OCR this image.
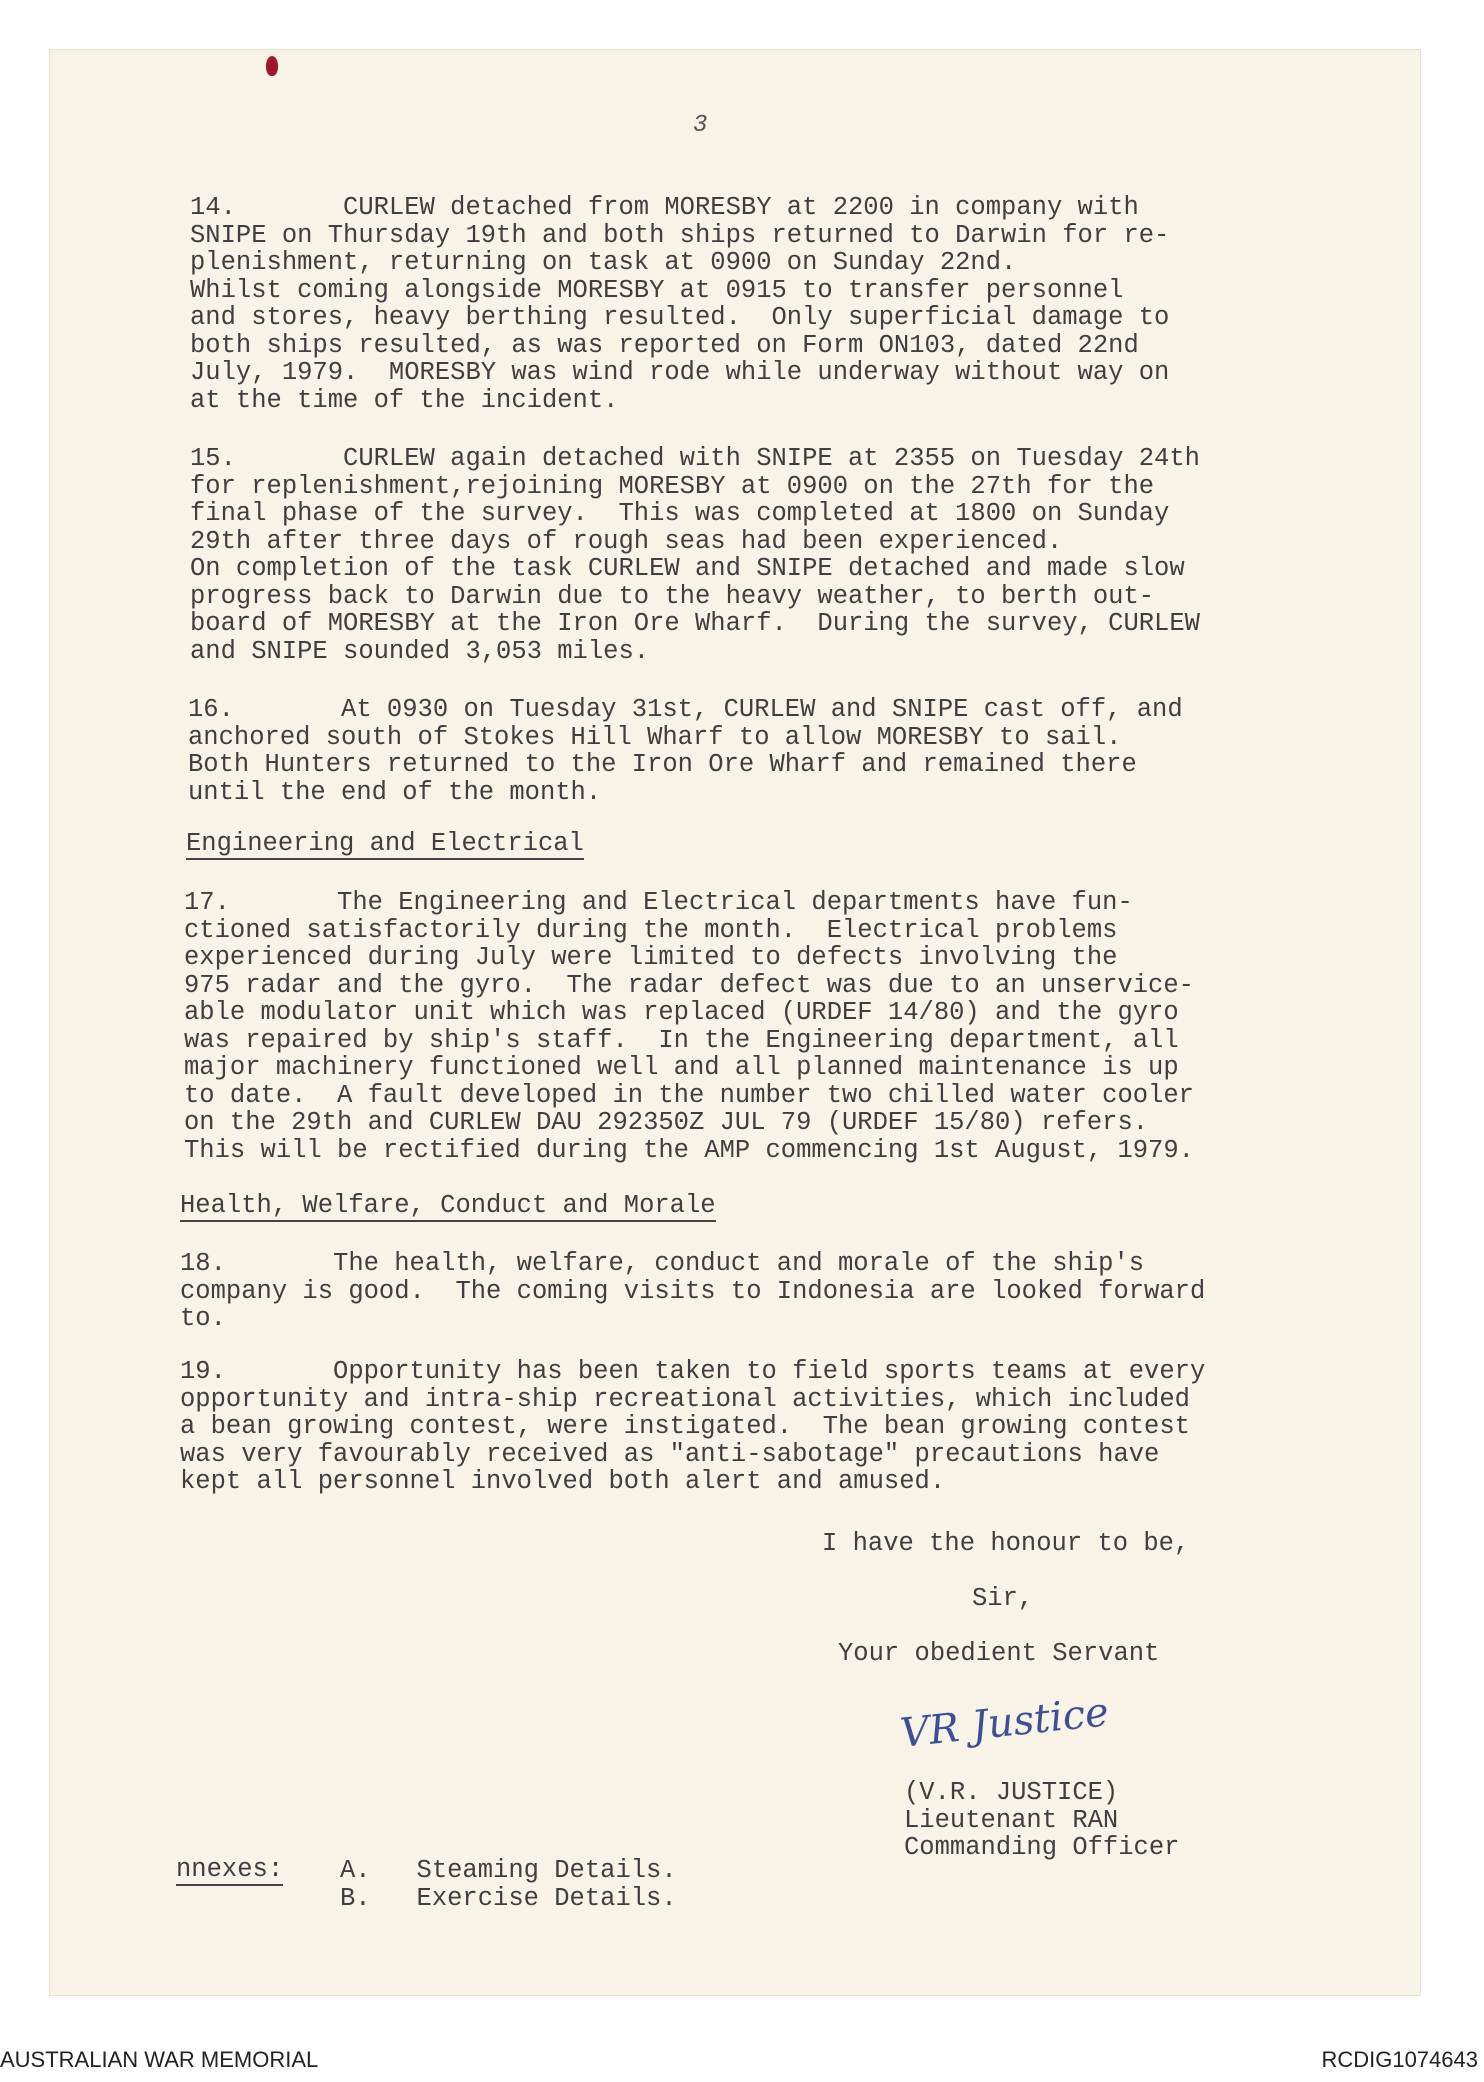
3
14.       CURLEW detached from MORESBY at 2200 in company with
SNIPE on Thursday 19th and both ships returned to Darwin for re-
plenishment, returning on task at 0900 on Sunday 22nd.
Whilst coming alongside MORESBY at 0915 to transfer personnel
and stores, heavy berthing resulted.  Only superficial damage to
both ships resulted, as was reported on Form ON103, dated 22nd
July, 1979.  MORESBY was wind rode while underway without way on
at the time of the incident.
15.       CURLEW again detached with SNIPE at 2355 on Tuesday 24th
for replenishment,rejoining MORESBY at 0900 on the 27th for the
final phase of the survey.  This was completed at 1800 on Sunday
29th after three days of rough seas had been experienced.
On completion of the task CURLEW and SNIPE detached and made slow
progress back to Darwin due to the heavy weather, to berth out-
board of MORESBY at the Iron Ore Wharf.  During the survey, CURLEW
and SNIPE sounded 3,053 miles.
16.       At 0930 on Tuesday 31st, CURLEW and SNIPE cast off, and
anchored south of Stokes Hill Wharf to allow MORESBY to sail.
Both Hunters returned to the Iron Ore Wharf and remained there
until the end of the month.
Engineering and Electrical
17.       The Engineering and Electrical departments have fun-
ctioned satisfactorily during the month.  Electrical problems
experienced during July were limited to defects involving the
975 radar and the gyro.  The radar defect was due to an unservice-
able modulator unit which was replaced (URDEF 14/80) and the gyro
was repaired by ship's staff.  In the Engineering department, all
major machinery functioned well and all planned maintenance is up
to date.  A fault developed in the number two chilled water cooler
on the 29th and CURLEW DAU 292350Z JUL 79 (URDEF 15/80) refers.
This will be rectified during the AMP commencing 1st August, 1979.
Health, Welfare, Conduct and Morale
18.       The health, welfare, conduct and morale of the ship's
company is good.  The coming visits to Indonesia are looked forward
to.
19.       Opportunity has been taken to field sports teams at every
opportunity and intra-ship recreational activities, which included
a bean growing contest, were instigated.  The bean growing contest
was very favourably received as "anti-sabotage" precautions have
kept all personnel involved both alert and amused.
I have the honour to be,
Sir,
Your obedient Servant
VR Justice
(V.R. JUSTICE)
Lieutenant RAN
Commanding Officer
nnexes: A.   Steaming Details.
B.   Exercise Details.
AUSTRALIAN WAR MEMORIAL	RCDIG1074643
